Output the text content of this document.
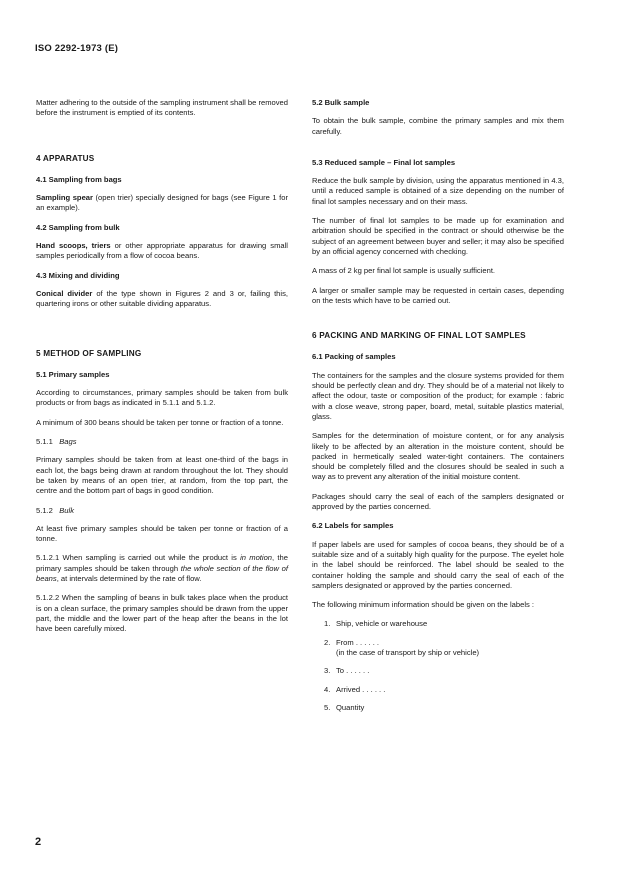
ISO 2292-1973 (E)

Matter adhering to the outside of the sampling instrument shall be removed before the instrument is emptied of its contents.

4 APPARATUS
4.1 Sampling from bags

Sampling spear (open trier) specially designed for bags (see Figure 1 for an example).

4.2 Sampling from bulk

Hand scoops, triers or other appropriate apparatus for drawing small samples periodically from a flow of cocoa beans.

4.3 Mixing and dividing

Conical divider of the type shown in Figures 2 and 3 or, failing this, quartering irons or other suitable dividing apparatus.

5 METHOD OF SAMPLING
5.1 Primary samples

According to circumstances, primary samples should be taken from bulk products or from bags as indicated in 5.1.1 and 5.1.2.

A minimum of 300 beans should be taken per tonne or fraction of a tonne.

5.1.1 Bags

Primary samples should be taken from at least one-third of the bags in each lot, the bags being drawn at random throughout the lot. They should be taken by means of an open trier, at random, from the top part, the centre and the bottom part of bags in good condition.

5.1.2 Bulk

At least five primary samples should be taken per tonne or fraction of a tonne.

5.1.2.1 When sampling is carried out while the product is in motion, the primary samples should be taken through the whole section of the flow of beans, at intervals determined by the rate of flow.

5.1.2.2 When the sampling of beans in bulk takes place when the product is on a clean surface, the primary samples should be drawn from the upper part, the middle and the lower part of the heap after the beans in the lot have been carefully mixed.

5.2 Bulk sample

To obtain the bulk sample, combine the primary samples and mix them carefully.

5.3 Reduced sample – Final lot samples

Reduce the bulk sample by division, using the apparatus mentioned in 4.3, until a reduced sample is obtained of a size depending on the number of final lot samples necessary and on their mass.

The number of final lot samples to be made up for examination and arbitration should be specified in the contract or should otherwise be the subject of an agreement between buyer and seller; it may also be specified by an official agency concerned with checking.

A mass of 2 kg per final lot sample is usually sufficient.

A larger or smaller sample may be requested in certain cases, depending on the tests which have to be carried out.

6 PACKING AND MARKING OF FINAL LOT SAMPLES
6.1 Packing of samples

The containers for the samples and the closure systems provided for them should be perfectly clean and dry. They should be of a material not likely to affect the odour, taste or composition of the product; for example : fabric with a close weave, strong paper, board, metal, suitable plastics material, glass.

Samples for the determination of moisture content, or for any analysis likely to be affected by an alteration in the moisture content, should be packed in hermetically sealed water-tight containers. The containers should be completely filled and the closures should be sealed in such a way as to prevent any alteration of the initial moisture content.

Packages should carry the seal of each of the samplers designated or approved by the parties concerned.

6.2 Labels for samples

If paper labels are used for samples of cocoa beans, they should be of a suitable size and of a suitably high quality for the purpose. The eyelet hole in the label should be reinforced. The label should be sealed to the container holding the sample and should carry the seal of each of the samplers designated or approved by the parties concerned.

The following minimum information should be given on the labels :

1. Ship, vehicle or warehouse
2. From . . . . . .
(in the case of transport by ship or vehicle)
3. To . . . . . .
4. Arrived . . . . . .
5. Quantity
2
